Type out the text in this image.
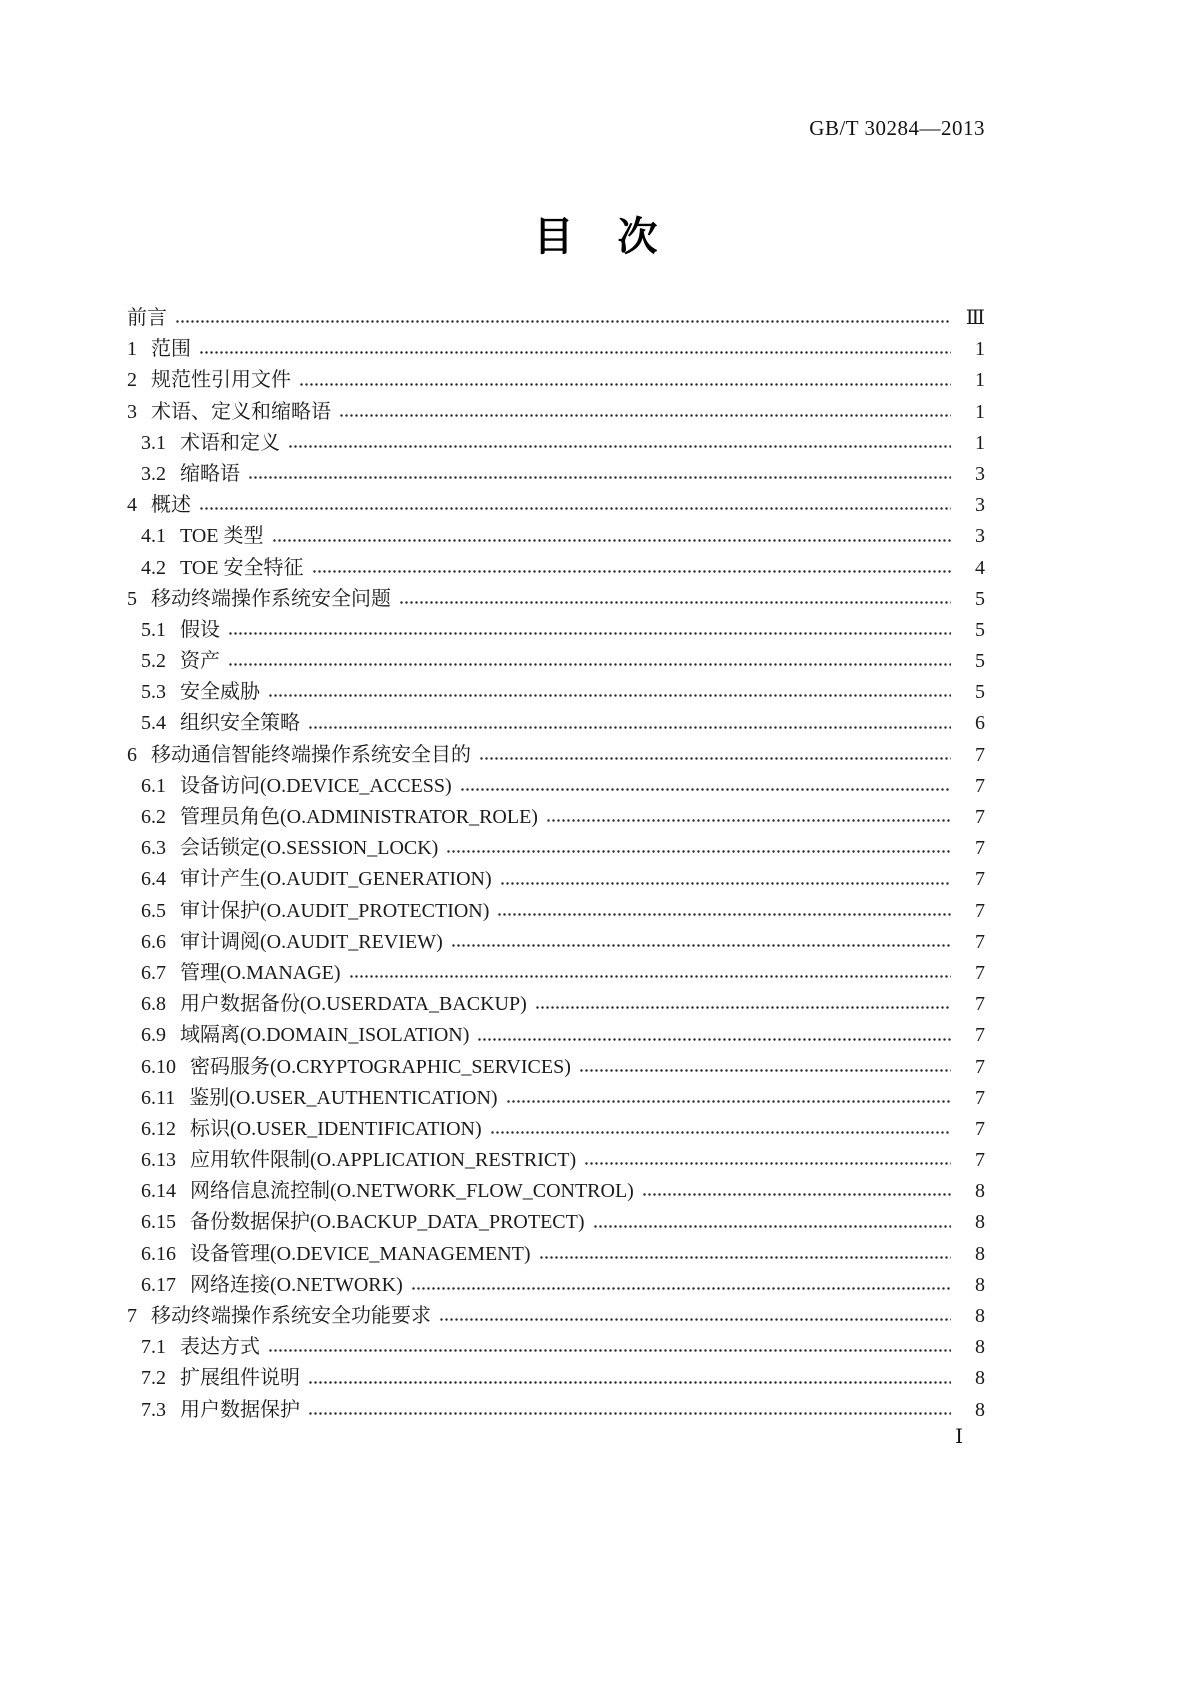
GB/T 30284—2013
目 次
前言	Ⅲ
1 范围	1
2 规范性引用文件	1
3 术语、定义和缩略语	1
3.1 术语和定义	1
3.2 缩略语	3
4 概述	3
4.1 TOE 类型	3
4.2 TOE 安全特征	4
5 移动终端操作系统安全问题	5
5.1 假设	5
5.2 资产	5
5.3 安全威胁	5
5.4 组织安全策略	6
6 移动通信智能终端操作系统安全目的	7
6.1 设备访问(O.DEVICE_ACCESS)	7
6.2 管理员角色(O.ADMINISTRATOR_ROLE)	7
6.3 会话锁定(O.SESSION_LOCK)	7
6.4 审计产生(O.AUDIT_GENERATION)	7
6.5 审计保护(O.AUDIT_PROTECTION)	7
6.6 审计调阅(O.AUDIT_REVIEW)	7
6.7 管理(O.MANAGE)	7
6.8 用户数据备份(O.USERDATA_BACKUP)	7
6.9 域隔离(O.DOMAIN_ISOLATION)	7
6.10 密码服务(O.CRYPTOGRAPHIC_SERVICES)	7
6.11 鉴别(O.USER_AUTHENTICATION)	7
6.12 标识(O.USER_IDENTIFICATION)	7
6.13 应用软件限制(O.APPLICATION_RESTRICT)	7
6.14 网络信息流控制(O.NETWORK_FLOW_CONTROL)	8
6.15 备份数据保护(O.BACKUP_DATA_PROTECT)	8
6.16 设备管理(O.DEVICE_MANAGEMENT)	8
6.17 网络连接(O.NETWORK)	8
7 移动终端操作系统安全功能要求	8
7.1 表达方式	8
7.2 扩展组件说明	8
7.3 用户数据保护	8
Ⅰ
